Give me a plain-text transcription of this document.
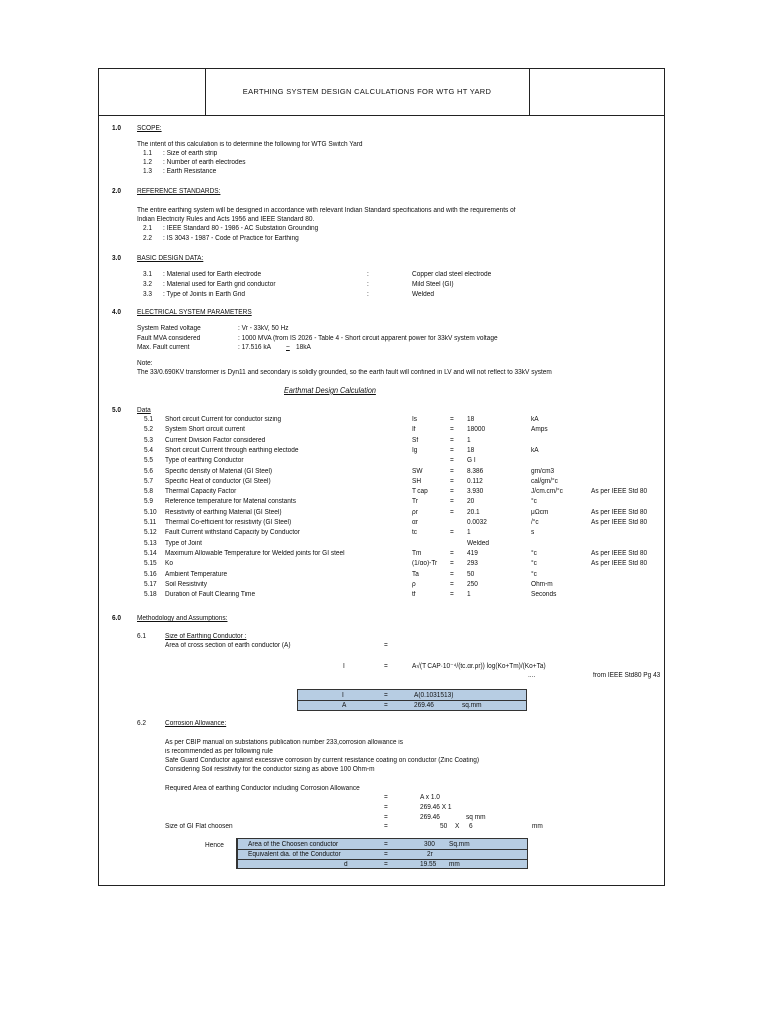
EARTHING SYSTEM DESIGN CALCULATIONS FOR WTG HT YARD
1.0 SCOPE:
The intent of this calculation is to determine the following for WTG Switch Yard
1.1 : Size of earth strip
1.2 : Number of earth electrodes
1.3 : Earth Resistance
2.0 REFERENCE STANDARDS:
The entire earthing system will be designed in accordance with relevant Indian Standard specifications and with the requirements of
Indian Electricity Rules and Acts 1956 and IEEE Standard 80.
2.1 : IEEE Standard 80 - 1986 - AC Substation Grounding
2.2 : IS 3043 - 1987 - Code of Practice for Earthing
3.0 BASIC DESIGN DATA:
3.1 : Material used for Earth electrode	:	Copper clad steel electrode
3.2 : Material used for Earth grid conductor	:	Mild Steel (GI)
3.3 : Type of Joints in Earth Grid	:	Welded
4.0 ELECTRICAL SYSTEM PARAMETERS
System Rated voltage	: Vr - 33kV, 50 Hz
Fault MVA considered	: 1000 MVA (from IS 2026 - Table 4 - Short circuit apparent power for 33kV system voltage
Max. Fault current	: 17.516 kA ~ 18kA
Note:
The 33/0.690KV transformer is Dyn11 and secondary is solidly grounded, so the earth fault will confined in LV and will not reflect to 33kV system
Earthmat Design Calculation
5.0 Data
5.1 Short circuit Current for conductor sizing	Is	= 18	kA
5.2 System Short circuit current	If	= 18000	Amps
5.3 Current Division Factor considered	Sf	= 1
5.4 Short circuit Current through earthing electode	Ig	= 18	kA
5.5 Type of earthing Conductor	= G I
5.6 Specific density of Material (GI Steel)	SW	= 8.386	gm/cm3
5.7 Specific Heat of conductor (GI Steel)	SH	= 0.112	cal/gm/°c
5.8 Thermal Capacity Factor	T cap	= 3.930	J/cm.cm/°c	As per IEEE Std 80
5.9 Reference temperature for Material constants	Tr	= 20	°c
5.10 Resistivity of earthing Material (GI Steel)	ρr	= 20.1	μΩcm	As per IEEE Std 80
5.11 Thermal Co-efficient for resistivity (GI Steel)	αr	0.0032	/°c	As per IEEE Std 80
5.12 Fault Current withstand Capacity by Conductor	tc	= 1	s
5.13 Type of Joint	Welded
5.14 Maximum Allowable Temperature for Welded joints for GI steel	Tm	= 419	°c	As per IEEE Std 80
5.15 Ko	(1/αo)-Tr = 293	°c	As per IEEE Std 80
5.16 Ambient Temperature	Ta	= 50	°c
5.17 Soil Resistivity	ρ	= 250	Ohm-m
5.18 Duration of Fault Clearing Time	tf	= 1	Seconds
6.0 Methodology and Assumptions:
6.1	Size of Earthing Conductor :
Area of cross section of earth conductor (A)	=
I	=	A√(T CAP·10⁻⁴/(tc.αr.ρr)) log(Ko+Tm)/(Ko+Ta)
....	from IEEE Std80 Pg 43
I	=	A(0.1031513)
A	=	269.46	sq.mm
6.2	Corrosion Allowance:
As per CBIP manual on substations publication number 233,corrosion allowance is
is recommended as per following rule
Safe Guard Conductor against excessive corrosion by current resistance coating on conductor (Zinc Coating)
Considering Soil resistivity for the conductor sizing as above 100 Ohm-m
Required Area of earthing Conductor including Corrosion Allowance
=	A x 1.0
=	269.46 X 1
=	269.46	sq mm
Size of GI Flat choosen	=	50 X 6	mm
Hence	Area of the Choosen conductor	=	300 Sq.mm
Equivalent dia. of the Conductor	=	2r
d	=	19.55 mm
